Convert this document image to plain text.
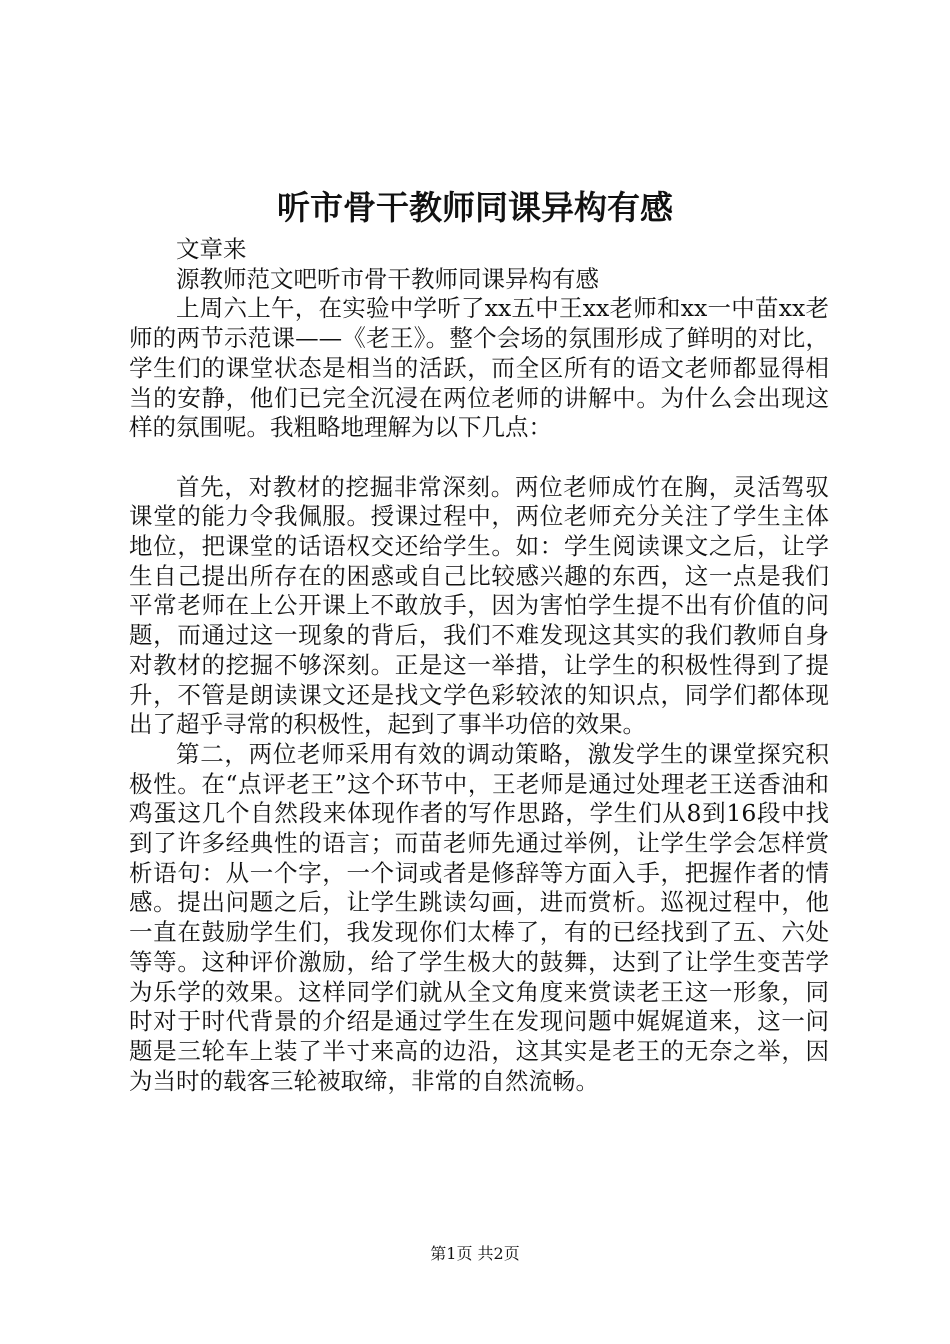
听市骨干教师同课异构有感

文章来

源教师范文吧听市骨干教师同课异构有感

上周六上午，在实验中学听了xx五中王xx老师和xx一中苗xx老师的两节示范课——《老王》。整个会场的氛围形成了鲜明的对比，学生们的课堂状态是相当的活跃，而全区所有的语文老师都显得相当的安静，他们已完全沉浸在两位老师的讲解中。为什么会出现这样的氛围呢。我粗略地理解为以下几点：

首先，对教材的挖掘非常深刻。两位老师成竹在胸，灵活驾驭课堂的能力令我佩服。授课过程中，两位老师充分关注了学生主体地位，把课堂的话语权交还给学生。如：学生阅读课文之后，让学生自己提出所存在的困惑或自己比较感兴趣的东西，这一点是我们平常老师在上公开课上不敢放手，因为害怕学生提不出有价值的问题，而通过这一现象的背后，我们不难发现这其实的我们教师自身对教材的挖掘不够深刻。正是这一举措，让学生的积极性得到了提升，不管是朗读课文还是找文学色彩较浓的知识点，同学们都体现出了超乎寻常的积极性，起到了事半功倍的效果。

第二，两位老师采用有效的调动策略，激发学生的课堂探究积极性。在“点评老王”这个环节中，王老师是通过处理老王送香油和鸡蛋这几个自然段来体现作者的写作思路，学生们从8到16段中找到了许多经典性的语言；而苗老师先通过举例，让学生学会怎样赏析语句：从一个字，一个词或者是修辞等方面入手，把握作者的情感。提出问题之后，让学生跳读勾画，进而赏析。巡视过程中，他一直在鼓励学生们，我发现你们太棒了，有的已经找到了五、六处等等。这种评价激励，给了学生极大的鼓舞，达到了让学生变苦学为乐学的效果。这样同学们就从全文角度来赏读老王这一形象，同时对于时代背景的介绍是通过学生在发现问题中娓娓道来，这一问题是三轮车上装了半寸来高的边沿，这其实是老王的无奈之举，因为当时的载客三轮被取缔，非常的自然流畅。

第1页 共2页
